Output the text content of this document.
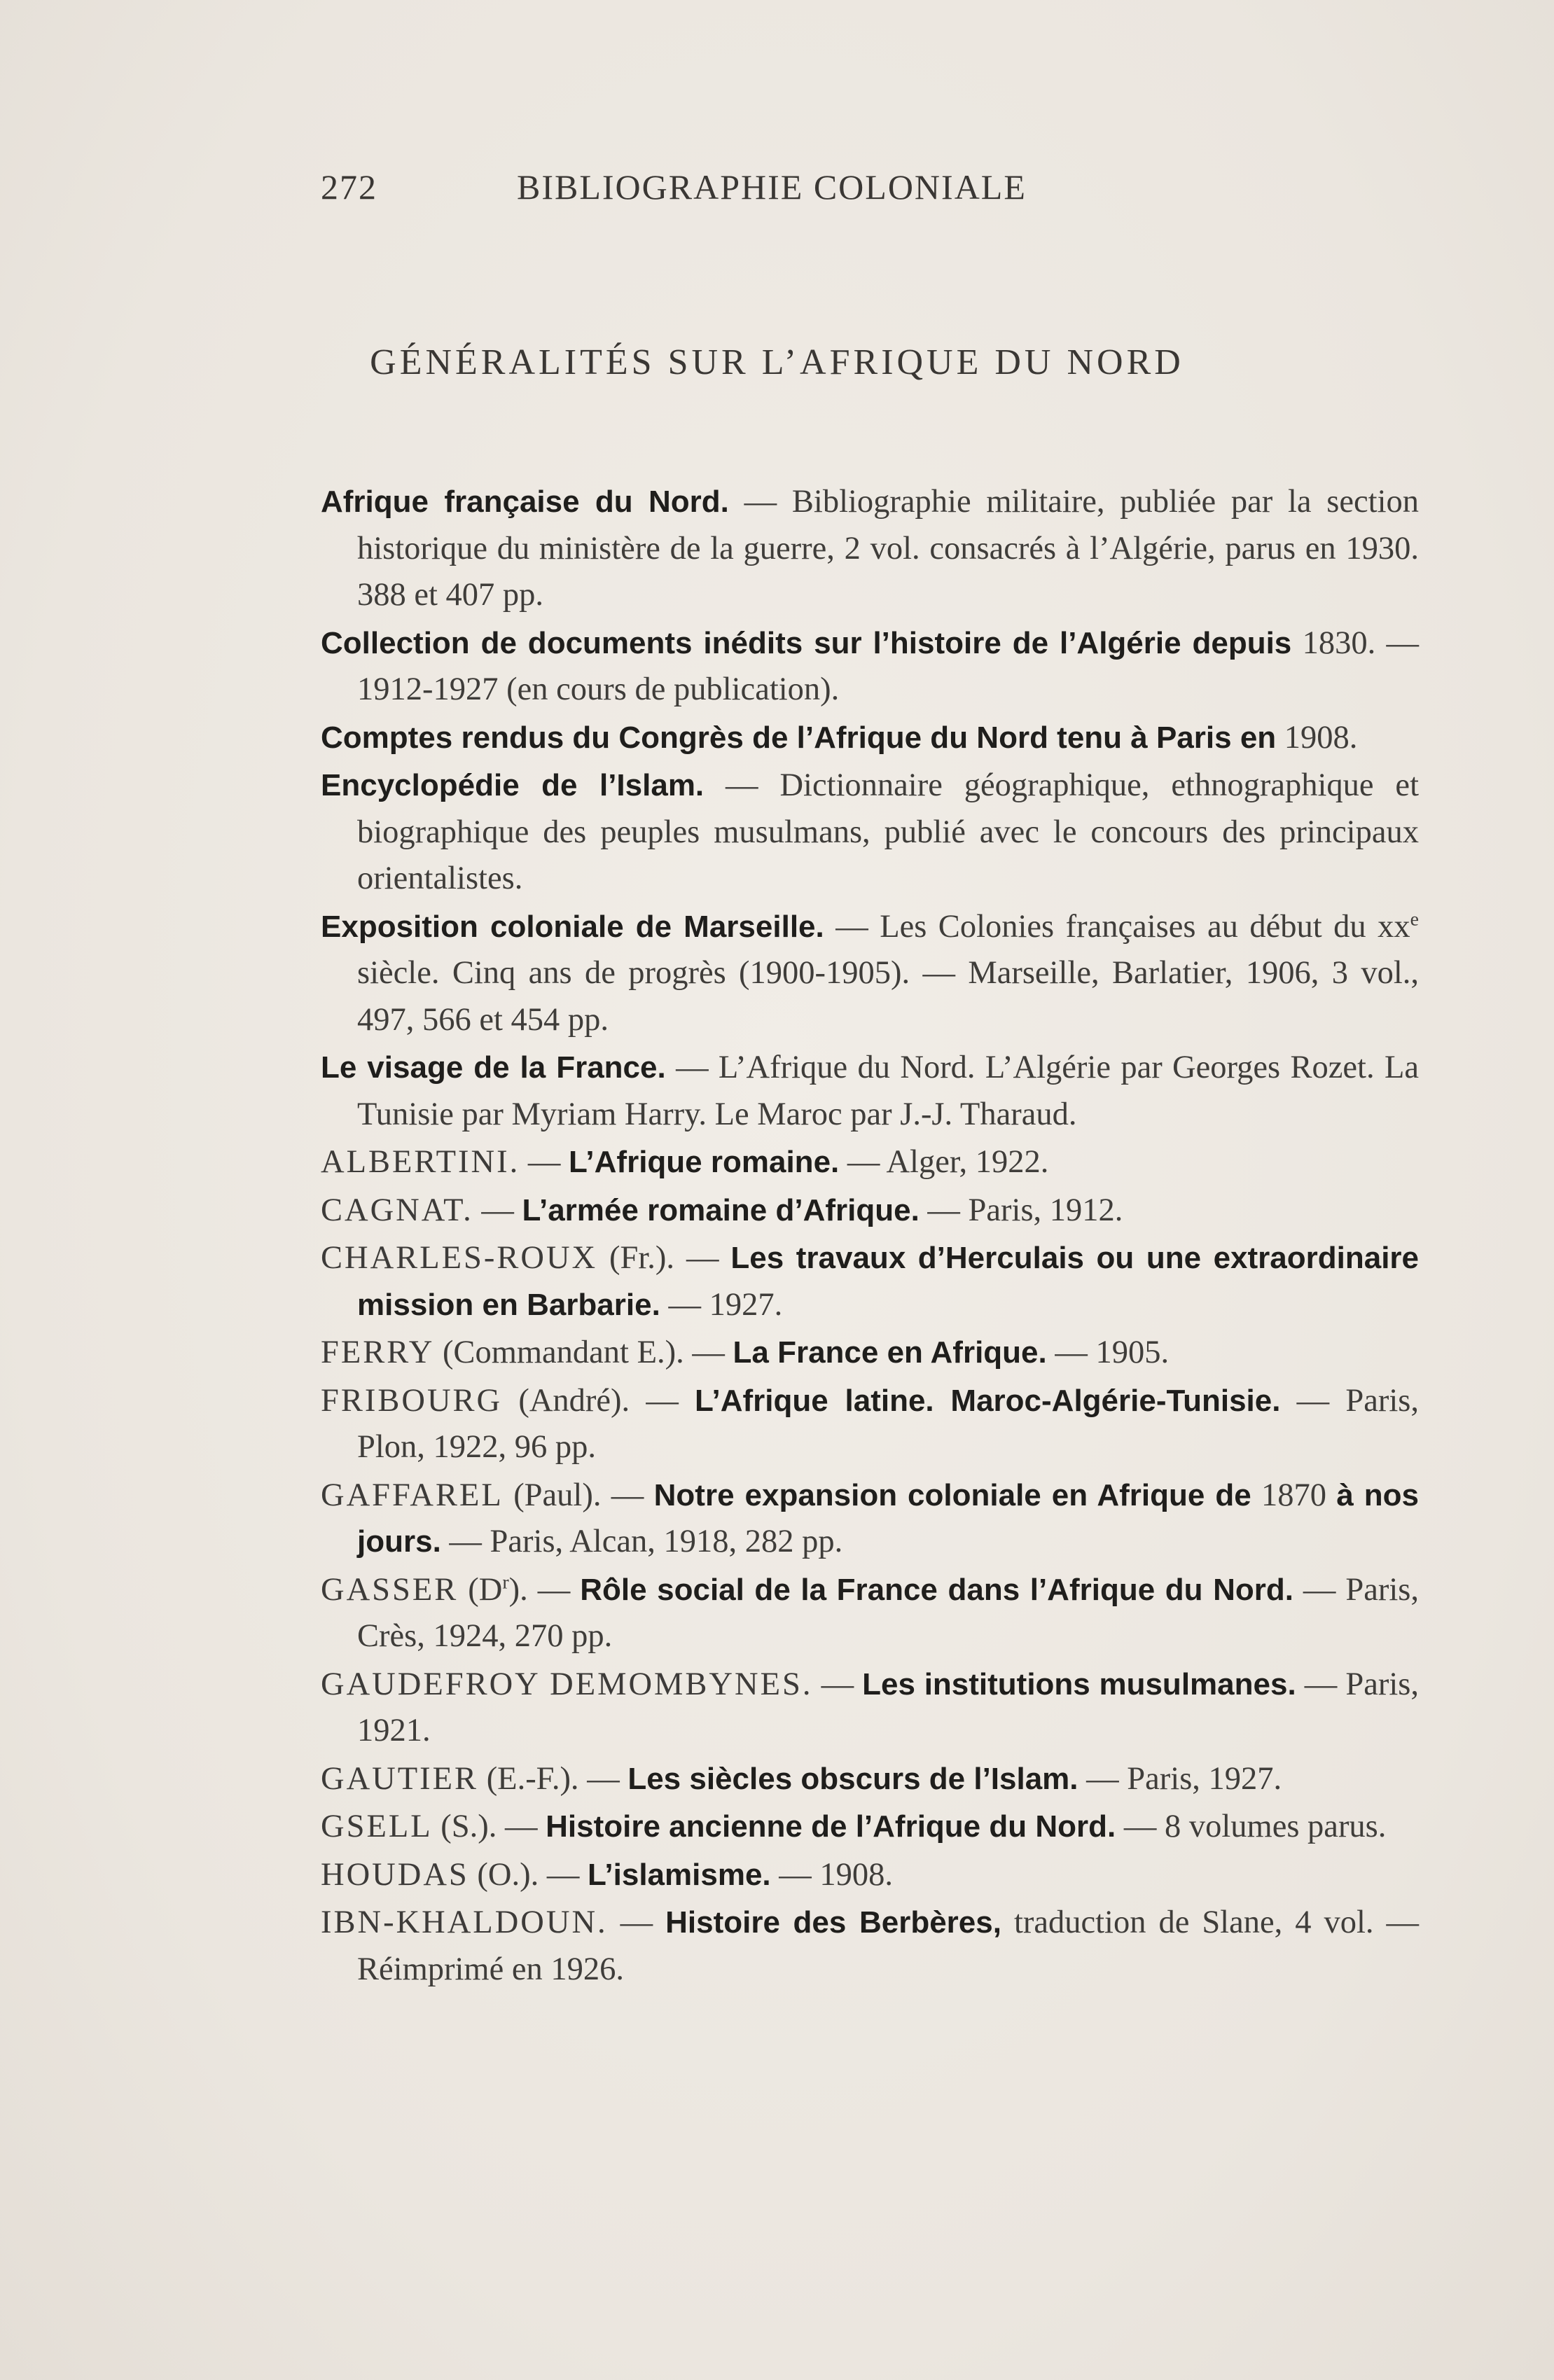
272	BIBLIOGRAPHIE COLONIALE
GÉNÉRALITÉS SUR L’AFRIQUE DU NORD

Afrique française du Nord. — Bibliographie militaire, publiée par la section historique du ministère de la guerre, 2 vol. consacrés à l’Algérie, parus en 1930. 388 et 407 pp.

Collection de documents inédits sur l’histoire de l’Algérie depuis 1830. — 1912-1927 (en cours de publication).

Comptes rendus du Congrès de l’Afrique du Nord tenu à Paris en 1908.

Encyclopédie de l’Islam. — Dictionnaire géographique, ethnographique et biographique des peuples musulmans, publié avec le concours des principaux orientalistes.

Exposition coloniale de Marseille. — Les Colonies françaises au début du $xx^e$ siècle. Cinq ans de progrès (1900-1905). — Marseille, Barlatier, 1906, 3 vol., 497, 566 et 454 pp.

Le visage de la France. — L’Afrique du Nord. L’Algérie par Georges Rozet. La Tunisie par Myriam Harry. Le Maroc par J.-J. Tharaud.

ALBERTINI. — L’Afrique romaine. — Alger, 1922.

CAGNAT. — L’armée romaine d’Afrique. — Paris, 1912.

CHARLES-ROUX (Fr.). — Les travaux d’Herculais ou une extraordinaire mission en Barbarie. — 1927.

FERRY (Commandant E.). — La France en Afrique. — 1905.

FRIBOURG (André). — L’Afrique latine. Maroc-Algérie-Tunisie. — Paris, Plon, 1922, 96 pp.

GAFFAREL (Paul). — Notre expansion coloniale en Afrique de 1870 à nos jours. — Paris, Alcan, 1918, 282 pp.

GASSER $(D^r)$. — Rôle social de la France dans l’Afrique du Nord. — Paris, Crès, 1924, 270 pp.

GAUDEFROY DEMOMBYNES. — Les institutions musulmanes. — Paris, 1921.

GAUTIER (E.-F.). — Les siècles obscurs de l’Islam. — Paris, 1927.

GSELL (S.). — Histoire ancienne de l’Afrique du Nord. — 8 volumes parus.

HOUDAS (O.). — L’islamisme. — 1908.

IBN-KHALDOUN. — Histoire des Berbères, traduction de Slane, 4 vol. — Réimprimé en 1926.
